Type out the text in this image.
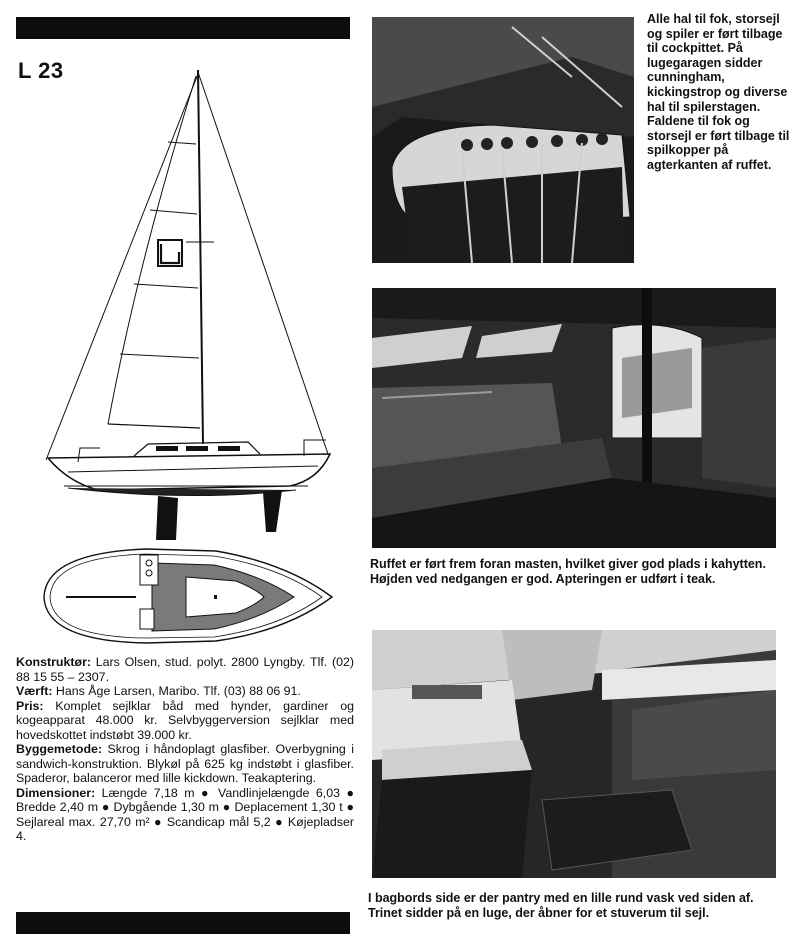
L 23

Konstruktør: Lars Olsen, stud. polyt. 2800 Lyngby. Tlf. (02) 88 15 55 – 2307.

Værft: Hans Åge Larsen, Maribo. Tlf. (03) 88 06 91.

Pris: Komplet sejlklar båd med hynder, gardiner og kogeapparat 48.000 kr. Selvbyggerversion sejlklar med hovedskottet indstøbt 39.000 kr.

Byggemetode: Skrog i håndoplagt glasfiber. Overbygning i sandwich-konstruktion. Blykøl på 625 kg indstøbt i glasfiber. Spaderor, balanceror med lille kickdown. Teakaptering.

Dimensioner: Længde 7,18 m ● Vandlinjelængde 6,03 ● Bredde 2,40 m ● Dybgående 1,30 m ● Deplacement 1,30 t ● Sejlareal max. 27,70 m² ● Scandicap mål 5,2 ● Køjepladser 4.

Alle hal til fok, storsejl og spiler er ført tilbage til cockpittet. På lugegaragen sidder cunningham, kickingstrop og diverse hal til spilerstagen. Faldene til fok og storsejl er ført tilbage til spilkopper på agterkanten af ruffet.
Ruffet er ført frem foran masten, hvilket giver god plads i kahytten. Højden ved nedgangen er god. Apteringen er udført i teak.
I bagbords side er der pantry med en lille rund vask ved siden af. Trinet sidder på en luge, der åbner for et stuverum til sejl.
